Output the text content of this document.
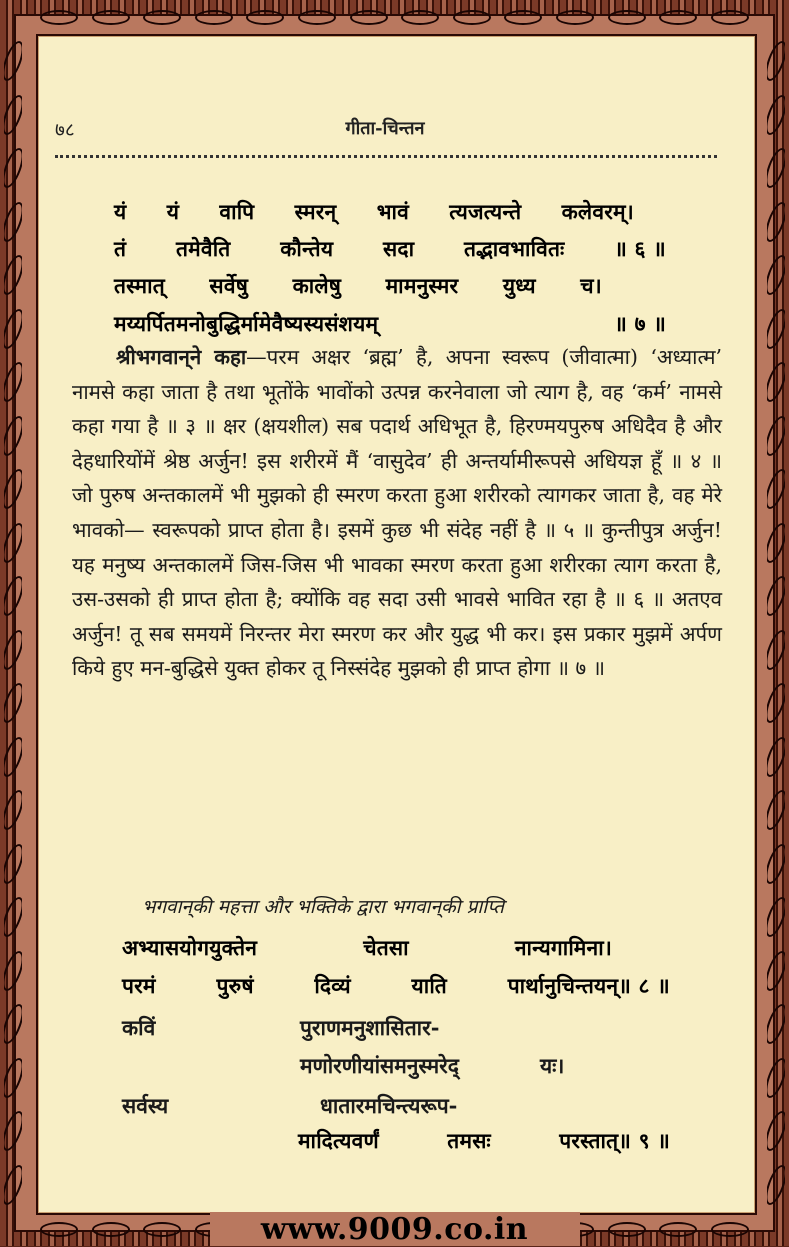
७८	गीता-चिन्तन
यं यं वापि स्मरन् भावं त्यजत्यन्ते कलेवरम्।
तं तमेवैति कौन्तेय सदा तद्भावभावितः ॥ ६ ॥
तस्मात् सर्वेषु कालेषु मामनुस्मर युध्य च।
मय्यर्पितमनोबुद्धिर्मामेवैष्यस्यसंशयम्	॥ ७ ॥
श्रीभगवान्‌ने कहा—परम अक्षर ‘ब्रह्म’ है, अपना स्वरूप (जीवात्मा) ‘अध्यात्म’ नामसे कहा जाता है तथा भूतोंके भावोंको उत्पन्न करनेवाला जो त्याग है, वह ‘कर्म’ नामसे कहा गया है ॥ ३ ॥ क्षर (क्षयशील) सब पदार्थ अधिभूत है, हिरण्मयपुरुष अधिदैव है और देहधारियोंमें श्रेष्ठ अर्जुन! इस शरीरमें मैं ‘वासुदेव’ ही अन्तर्यामीरूपसे अधियज्ञ हूँ ॥ ४ ॥ जो पुरुष अन्तकालमें भी मुझको ही स्मरण करता हुआ शरीरको त्यागकर जाता है, वह मेरे भावको— स्वरूपको प्राप्त होता है। इसमें कुछ भी संदेह नहीं है ॥ ५ ॥ कुन्तीपुत्र अर्जुन! यह मनुष्य अन्तकालमें जिस-जिस भी भावका स्मरण करता हुआ शरीरका त्याग करता है, उस-उसको ही प्राप्त होता है; क्योंकि वह सदा उसी भावसे भावित रहा है ॥ ६ ॥ अतएव अर्जुन! तू सब समयमें निरन्तर मेरा स्मरण कर और युद्ध भी कर। इस प्रकार मुझमें अर्पण किये हुए मन-बुद्धिसे युक्त होकर तू निस्संदेह मुझको ही प्राप्त होगा ॥ ७ ॥
भगवान्‌की महत्ता और भक्तिके द्वारा भगवान्‌की प्राप्ति
अभ्यासयोगयुक्तेन	चेतसा	नान्यगामिना।
परमं	पुरुषं	दिव्यं	याति	पार्थानुचिन्तयन्॥ ८ ॥
कविं	पुराणमनुशासितार-
मणोरणीयांसमनुस्मरेद्	यः।
सर्वस्य	धातारमचिन्त्यरूप-
मादित्यवर्णं	तमसः	परस्तात्॥ ९ ॥
www.9009.co.in
